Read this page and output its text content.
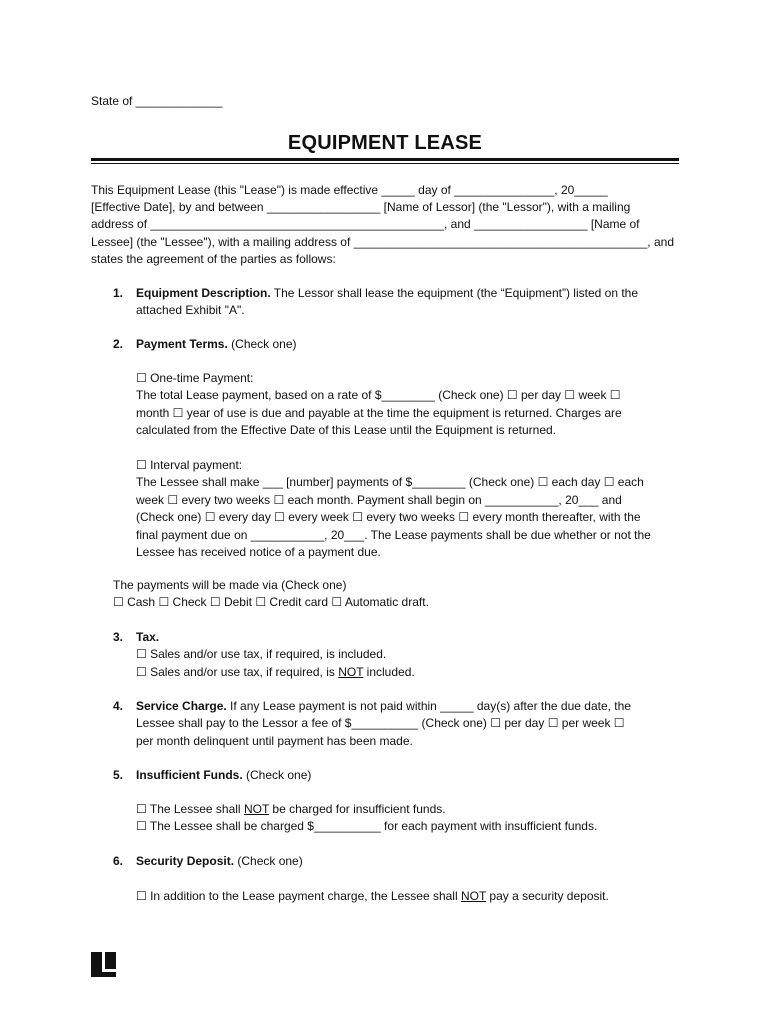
State of _____________
EQUIPMENT LEASE
This Equipment Lease (this "Lease") is made effective _____ day of _______________, 20_____
[Effective Date], by and between _________________ [Name of Lessor] (the "Lessor"), with a mailing
address of ____________________________________________, and _________________ [Name of
Lessee] (the "Lessee"), with a mailing address of ____________________________________________, and
states the agreement of the parties as follows:
1. Equipment Description. The Lessor shall lease the equipment (the “Equipment”) listed on the
attached Exhibit "A".
2. Payment Terms. (Check one)
☐ One-time Payment:
The total Lease payment, based on a rate of $________ (Check one) ☐ per day ☐ week ☐
month ☐ year of use is due and payable at the time the equipment is returned. Charges are
calculated from the Effective Date of this Lease until the Equipment is returned.
☐ Interval payment:
The Lessee shall make ___ [number] payments of $________ (Check one) ☐ each day ☐ each
week ☐ every two weeks ☐ each month. Payment shall begin on ___________, 20___ and
(Check one) ☐ every day ☐ every week ☐ every two weeks ☐ every month thereafter, with the
final payment due on ___________, 20___. The Lease payments shall be due whether or not the
Lessee has received notice of a payment due.
The payments will be made via (Check one)
☐ Cash ☐ Check ☐ Debit ☐ Credit card ☐ Automatic draft.
3. Tax.
☐ Sales and/or use tax, if required, is included.
☐ Sales and/or use tax, if required, is NOT included.
4. Service Charge. If any Lease payment is not paid within _____ day(s) after the due date, the
Lessee shall pay to the Lessor a fee of $__________ (Check one) ☐ per day ☐ per week ☐
per month delinquent until payment has been made.
5. Insufficient Funds. (Check one)
☐ The Lessee shall NOT be charged for insufficient funds.
☐ The Lessee shall be charged $__________ for each payment with insufficient funds.
6. Security Deposit. (Check one)
☐ In addition to the Lease payment charge, the Lessee shall NOT pay a security deposit.
